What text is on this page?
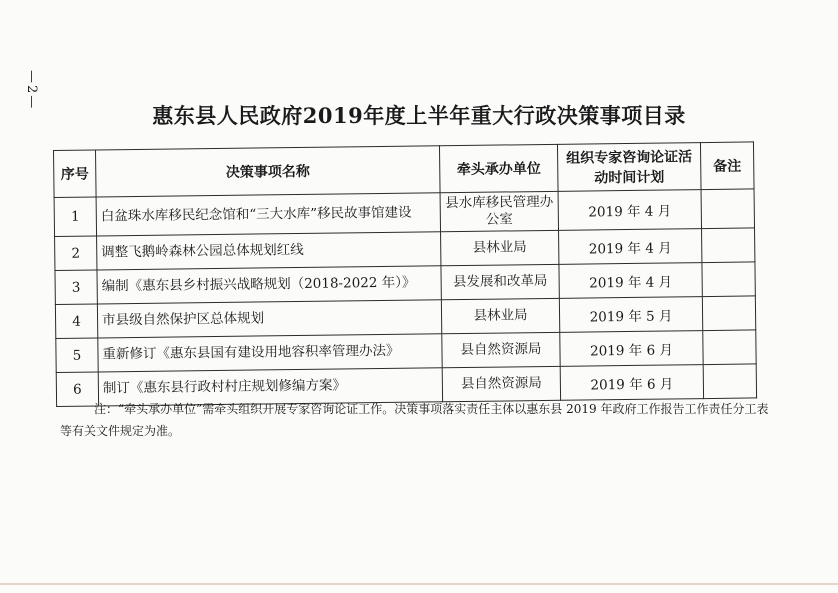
—2—
惠东县人民政府2019年度上半年重大行政决策事项目录
序号	决策事项名称	牵头承办单位	组织专家咨询论证活动时间计划	备注
1	白盆珠水库移民纪念馆和“三大水库”移民故事馆建设	县水库移民管理办公室	2019 年 4 月	
2	调整飞鹅岭森林公园总体规划红线	县林业局	2019 年 4 月	
3	编制《惠东县乡村振兴战略规划（2018-2022 年）》	县发展和改革局	2019 年 4 月	
4	市县级自然保护区总体规划	县林业局	2019 年 5 月	
5	重新修订《惠东县国有建设用地容积率管理办法》	县自然资源局	2019 年 6 月	
6	制订《惠东县行政村村庄规划修编方案》	县自然资源局	2019 年 6 月	
注：“牵头承办单位”需牵头组织开展专家咨询论证工作。决策事项落实责任主体以惠东县 2019 年政府工作报告工作责任分工表等有关文件规定为准。
